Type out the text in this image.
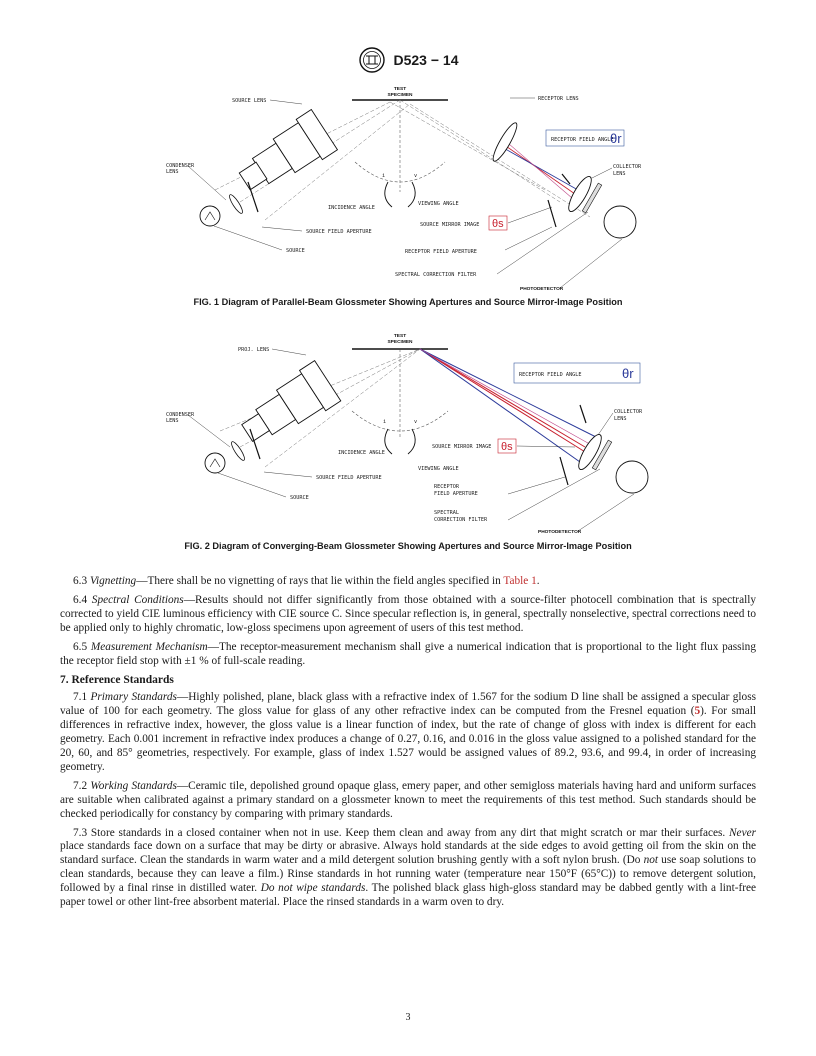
D523 − 14
TEST
SPECIMEN
i	v
SOURCE LENS	RECEPTOR LENS
RECEPTOR FIELD ANGLE
θr
CONDENSER
LENS
COLLECTOR
LENS
INCIDENCE ANGLE
VIEWING ANGLE
SOURCE MIRROR IMAGE θs
SOURCE FIELD APERTURE
SOURCE	RECEPTOR FIELD APERTURE
SPECTRAL CORRECTION FILTER
PHOTODETECTOR
FIG. 1 Diagram of Parallel-Beam Glossmeter Showing Apertures and Source Mirror-Image Position
TEST
SPECIMEN
i	v
PROJ. LENS
RECEPTOR FIELD ANGLE	θr
CONDENSER
LENS
COLLECTOR
LENS
INCIDENCE ANGLE
SOURCE MIRROR IMAGE θs
VIEWING ANGLE
SOURCE FIELD APERTURE
SOURCE
RECEPTOR
FIELD APERTURE
SPECTRAL
CORRECTION FILTER
PHOTODETECTOR
FIG. 2 Diagram of Converging-Beam Glossmeter Showing Apertures and Source Mirror-Image Position

6.3 Vignetting—There shall be no vignetting of rays that lie within the field angles specified in Table 1.

6.4 Spectral Conditions—Results should not differ significantly from those obtained with a source-filter photocell combination that is spectrally corrected to yield CIE luminous efficiency with CIE source C. Since specular reflection is, in general, spectrally nonselective, spectral corrections need to be applied only to highly chromatic, low-gloss specimens upon agreement of users of this test method.

6.5 Measurement Mechanism—The receptor-measurement mechanism shall give a numerical indication that is proportional to the light flux passing the receptor field stop with ±1 % of full-scale reading.

7. Reference Standards

7.1 Primary Standards—Highly polished, plane, black glass with a refractive index of 1.567 for the sodium D line shall be assigned a specular gloss value of 100 for each geometry. The gloss value for glass of any other refractive index can be computed from the Fresnel equation (5). For small differences in refractive index, however, the gloss value is a linear function of index, but the rate of change of gloss with index is different for each geometry. Each 0.001 increment in refractive index produces a change of 0.27, 0.16, and 0.016 in the gloss value assigned to a polished standard for the 20, 60, and 85° geometries, respectively. For example, glass of index 1.527 would be assigned values of 89.2, 93.6, and 99.4, in order of increasing geometry.

7.2 Working Standards—Ceramic tile, depolished ground opaque glass, emery paper, and other semigloss materials having hard and uniform surfaces are suitable when calibrated against a primary standard on a glossmeter known to meet the requirements of this test method. Such standards should be checked periodically for constancy by comparing with primary standards.

7.3 Store standards in a closed container when not in use. Keep them clean and away from any dirt that might scratch or mar their surfaces. Never place standards face down on a surface that may be dirty or abrasive. Always hold standards at the side edges to avoid getting oil from the skin on the standard surface. Clean the standards in warm water and a mild detergent solution brushing gently with a soft nylon brush. (Do not use soap solutions to clean standards, because they can leave a film.) Rinse standards in hot running water (temperature near 150°F (65°C)) to remove detergent solution, followed by a final rinse in distilled water. Do not wipe standards. The polished black glass high-gloss standard may be dabbed gently with a lint-free paper towel or other lint-free absorbent material. Place the rinsed standards in a warm oven to dry.

3
